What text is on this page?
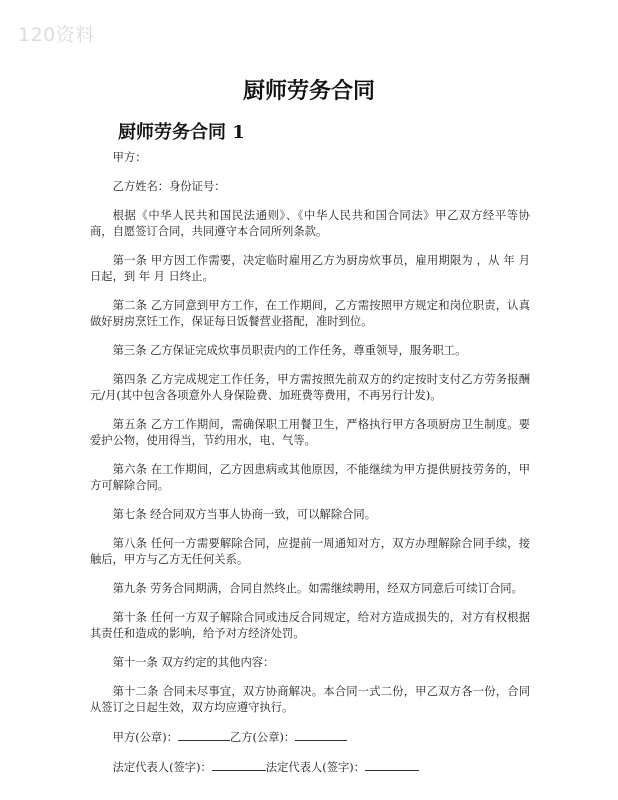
120资料
厨师劳务合同
厨师劳务合同 1

甲方：

乙方姓名：身份证号：

根据《中华人民共和国民法通则》、《中华人民共和国合同法》甲乙双方经平等协商，自愿签订合同，共同遵守本合同所列条款。

第一条 甲方因工作需要，决定临时雇用乙方为厨房炊事员，雇用期限为 ，从 年 月 日起，到 年 月 日终止。

第二条 乙方同意到甲方工作，在工作期间，乙方需按照甲方规定和岗位职责，认真做好厨房烹饪工作，保证每日饭餐营业搭配，准时到位。

第三条 乙方保证完成炊事员职责内的工作任务，尊重领导，服务职工。

第四条 乙方完成规定工作任务，甲方需按照先前双方的约定按时支付乙方劳务报酬 元/月(其中包含各项意外人身保险费、加班费等费用，不再另行计发)。

第五条 乙方工作期间，需确保职工用餐卫生，严格执行甲方各项厨房卫生制度。要爱护公物，使用得当，节约用水，电、气等。

第六条 在工作期间，乙方因患病或其他原因，不能继续为甲方提供厨技劳务的，甲方可解除合同。

第七条 经合同双方当事人协商一致，可以解除合同。

第八条 任何一方需要解除合同，应提前一周通知对方，双方办理解除合同手续，接触后，甲方与乙方无任何关系。

第九条 劳务合同期满，合同自然终止。如需继续聘用，经双方同意后可续订合同。

第十条 任何一方双子解除合同或违反合同规定，给对方造成损失的，对方有权根据其责任和造成的影响，给予对方经济处罚。

第十一条 双方约定的其他内容：

第十二条 合同未尽事宜，双方协商解决。本合同一式二份，甲乙双方各一份，合同从签订之日起生效，双方均应遵守执行。

甲方(公章)：	乙方(公章)：
法定代表人(签字)：	法定代表人(签字)：
